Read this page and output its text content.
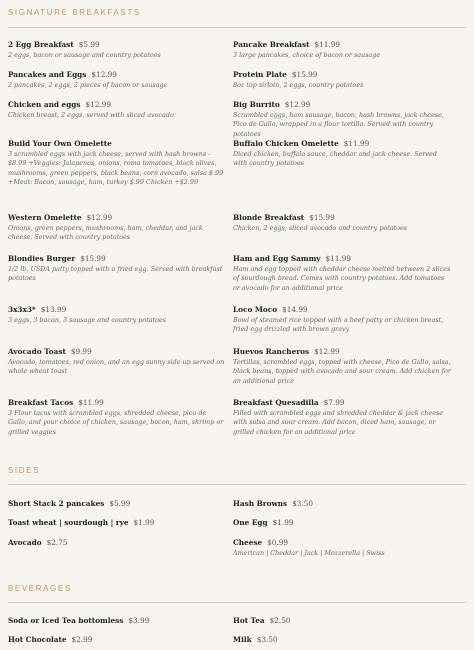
SIGNATURE BREAKFASTS
SIDES
BEVERAGES
2 Egg Breakfast $5.99
2 eggs, bacon or sausage and country potatoes
Pancake Breakfast $11.99
3 large pancakes, choice of bacon or sausage
Pancakes and Eggs $12.99
2 pancakes, 2 eggs, 2 pieces of bacon or sausage
Protein Plate $15.99
8oz top sirloin, 2 eggs, country potatoes
Chicken and eggs $12.99
Chicken breast, 2 eggs, served with sliced avocado
Big Burrito $12.99
Scrambled eggs, ham sausage, bacon, hash browns, jack cheese, Pico de Gallo, wrapped in a flour tortilla. Served with country potatoes
Build Your Own Omelette
3 scrambled eggs with jack cheese, served with hash browns - $8.99 +Veggies: Jalapenos, onions, roma tomatoes, black olives, mushrooms, green peppers, black beans, corn avocado, salsa $.99 +Meat: Bacon, sausage, ham, turkey $.99 Chicken +$2.99
Buffalo Chicken Omelette $11.99
Diced chicken, buffalo sauce, cheddar and jack cheese. Served with country potatoes
Western Omelette $12.99
Onions, green peppers, mushrooms, ham, cheddar, and jack cheese. Served with country potatoes
Blonde Breakfast $15.99
Chicken, 2 eggs, sliced avocado and country potatoes
Blondies Burger $15.99
1/2 lb. USDA patty topped with a fried egg. Served with breakfast potatoes
Ham and Egg Sammy $11.99
Ham and egg topped with cheddar cheese melted between 2 slices of sourdough bread. Comes with country potatoes. Add tomatoes or avocado for an additional price
3x3x3* $13.99
3 eggs, 3 bacon, 3 sausage and country potatoes
Loco Moco $14.99
Bowl of steamed rice topped with a beef patty or chicken breast, fried egg drizzled with brown gravy
Avocado Toast $9.99
Avocado, tomatoes, red onion, and an egg sunny side up served on whole wheat toast
Huevos Rancheros $12.99
Tortillas, scrambled eggs, topped with cheese, Pico de Gallo, salsa, black beans, topped with avocado and sour cream. Add chicken for an additional price
Breakfast Tacos $11.99
3 Flour tacos with scrambled eggs, shredded cheese, pico de Gallo, and your choice of chicken, sausage, bacon, ham, shrimp or grilled veggies
Breakfast Quesadilla $7.99
Filled with scrambled eggs and shredded cheddar & jack cheese with salsa and sour cream. Add bacon, diced ham, sausage, or grilled chicken for an additional price
Short Stack 2 pancakes $5.99	Hash Browns $3.50
Toast wheat | sourdough | rye $1.99	One Egg $1.99
Avocado $2.75	Cheese $0.99
American | Cheddar | Jack | Mozzerella | Swiss
Soda or Iced Tea bottomless $3.99	Hot Tea $2.50
Hot Chocolate $2.99	Milk $3.50
